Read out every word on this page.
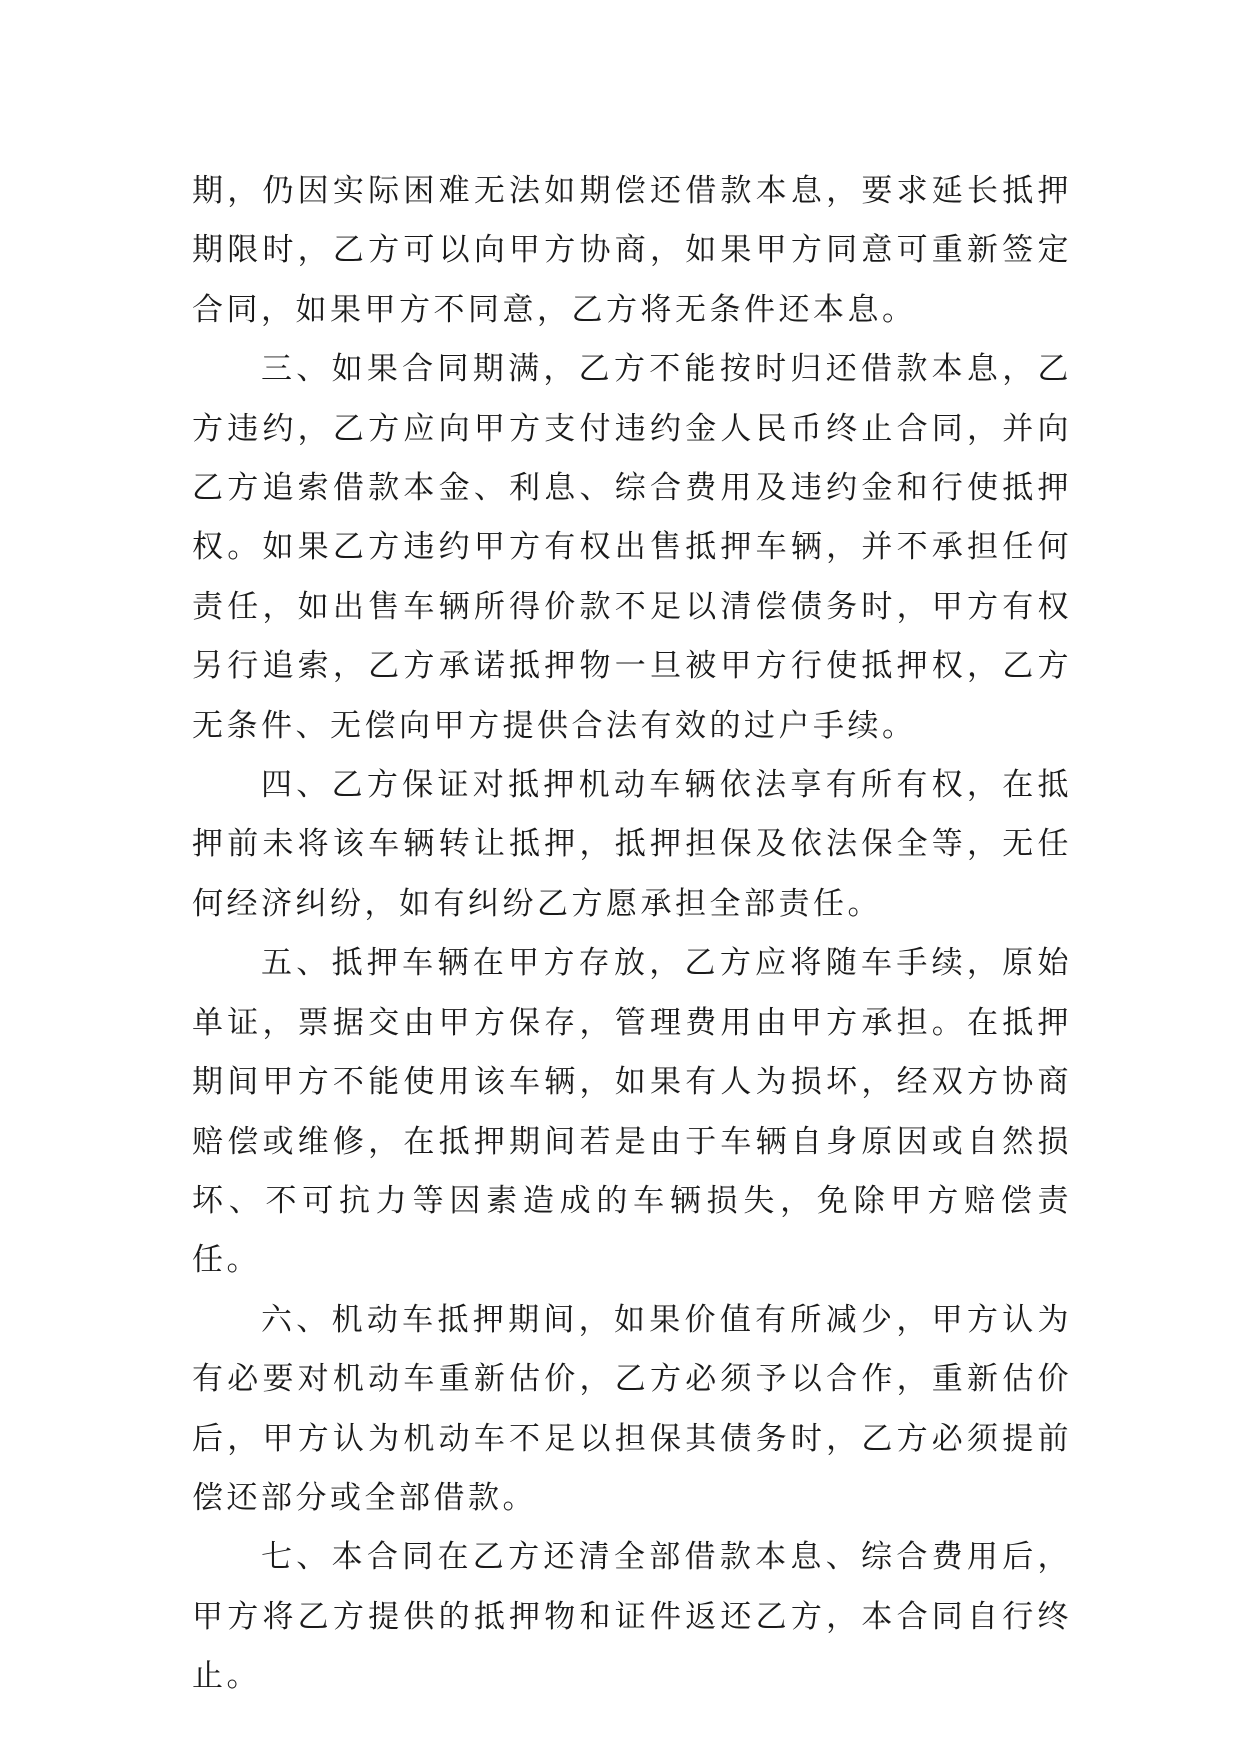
期，仍因实际困难无法如期偿还借款本息，要求延长抵押期限时，乙方可以向甲方协商，如果甲方同意可重新签定合同，如果甲方不同意，乙方将无条件还本息。

三、如果合同期满，乙方不能按时归还借款本息，乙方违约，乙方应向甲方支付违约金人民币终止合同，并向乙方追索借款本金、利息、综合费用及违约金和行使抵押权。如果乙方违约甲方有权出售抵押车辆，并不承担任何责任，如出售车辆所得价款不足以清偿债务时，甲方有权另行追索，乙方承诺抵押物一旦被甲方行使抵押权，乙方无条件、无偿向甲方提供合法有效的过户手续。

四、乙方保证对抵押机动车辆依法享有所有权，在抵押前未将该车辆转让抵押，抵押担保及依法保全等，无任何经济纠纷，如有纠纷乙方愿承担全部责任。

五、抵押车辆在甲方存放，乙方应将随车手续，原始单证，票据交由甲方保存，管理费用由甲方承担。在抵押期间甲方不能使用该车辆，如果有人为损坏，经双方协商赔偿或维修，在抵押期间若是由于车辆自身原因或自然损坏、不可抗力等因素造成的车辆损失，免除甲方赔偿责任。

六、机动车抵押期间，如果价值有所减少，甲方认为有必要对机动车重新估价，乙方必须予以合作，重新估价后，甲方认为机动车不足以担保其债务时，乙方必须提前偿还部分或全部借款。

七、本合同在乙方还清全部借款本息、综合费用后，甲方将乙方提供的抵押物和证件返还乙方，本合同自行终止。
